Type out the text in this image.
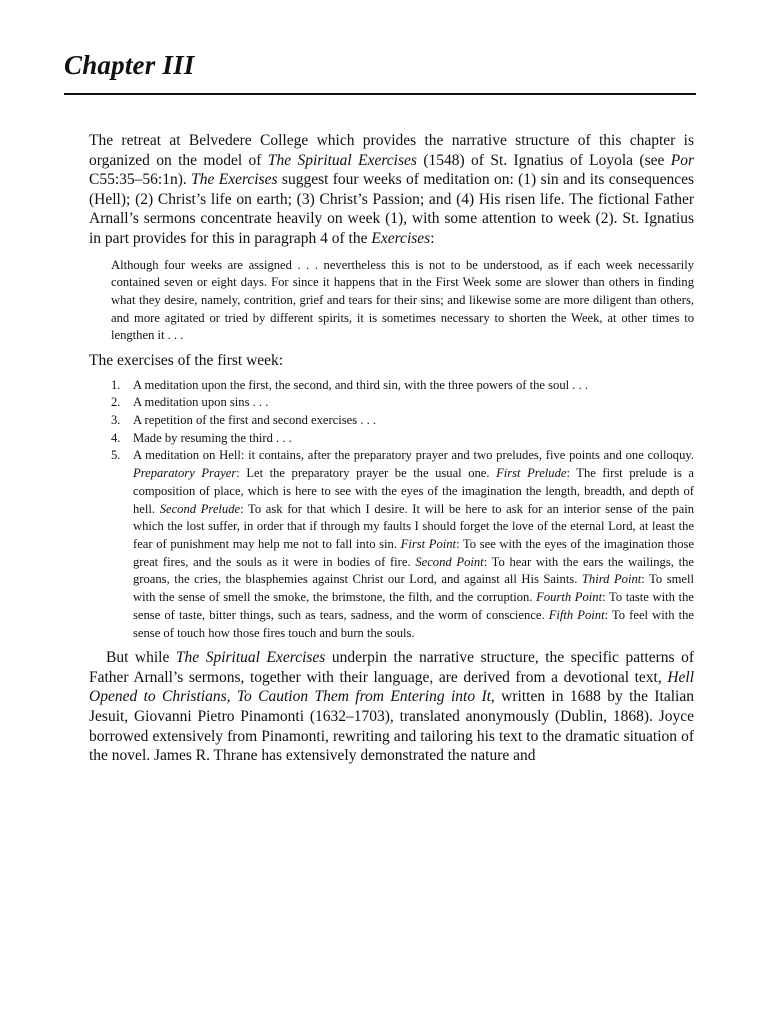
Chapter III

The retreat at Belvedere College which provides the narrative structure of this chapter is organized on the model of The Spiritual Exercises (1548) of St. Ignatius of Loyola (see Por C55:35–56:1n). The Exercises suggest four weeks of meditation on: (1) sin and its consequences (Hell); (2) Christ’s life on earth; (3) Christ’s Passion; and (4) His risen life. The fictional Father Arnall’s sermons concentrate heavily on week (1), with some attention to week (2). St. Ignatius in part provides for this in paragraph 4 of the Exercises:

Although four weeks are assigned . . . nevertheless this is not to be understood, as if each week necessarily contained seven or eight days. For since it happens that in the First Week some are slower than others in finding what they desire, namely, contrition, grief and tears for their sins; and likewise some are more diligent than others, and more agitated or tried by different spirits, it is sometimes necessary to shorten the Week, at other times to lengthen it . . .

The exercises of the first week:

1. A meditation upon the first, the second, and third sin, with the three powers of the soul . . .
2. A meditation upon sins . . .
3. A repetition of the first and second exercises . . .
4. Made by resuming the third . . .
5. A meditation on Hell: it contains, after the preparatory prayer and two preludes, five points and one colloquy. Preparatory Prayer: Let the preparatory prayer be the usual one. First Prelude: The first prelude is a composition of place, which is here to see with the eyes of the imagination the length, breadth, and depth of hell. Second Prelude: To ask for that which I desire. It will be here to ask for an interior sense of the pain which the lost suffer, in order that if through my faults I should forget the love of the eternal Lord, at least the fear of punishment may help me not to fall into sin. First Point: To see with the eyes of the imagination those great fires, and the souls as it were in bodies of fire. Second Point: To hear with the ears the wailings, the groans, the cries, the blasphemies against Christ our Lord, and against all His Saints. Third Point: To smell with the sense of smell the smoke, the brimstone, the filth, and the corruption. Fourth Point: To taste with the sense of taste, bitter things, such as tears, sadness, and the worm of conscience. Fifth Point: To feel with the sense of touch how those fires touch and burn the souls.

But while The Spiritual Exercises underpin the narrative structure, the specific patterns of Father Arnall’s sermons, together with their language, are derived from a devotional text, Hell Opened to Christians, To Caution Them from Entering into It, written in 1688 by the Italian Jesuit, Giovanni Pietro Pinamonti (1632–1703), translated anonymously (Dublin, 1868). Joyce borrowed extensively from Pinamonti, rewriting and tailoring his text to the dramatic situation of the novel. James R. Thrane has extensively demonstrated the nature and
